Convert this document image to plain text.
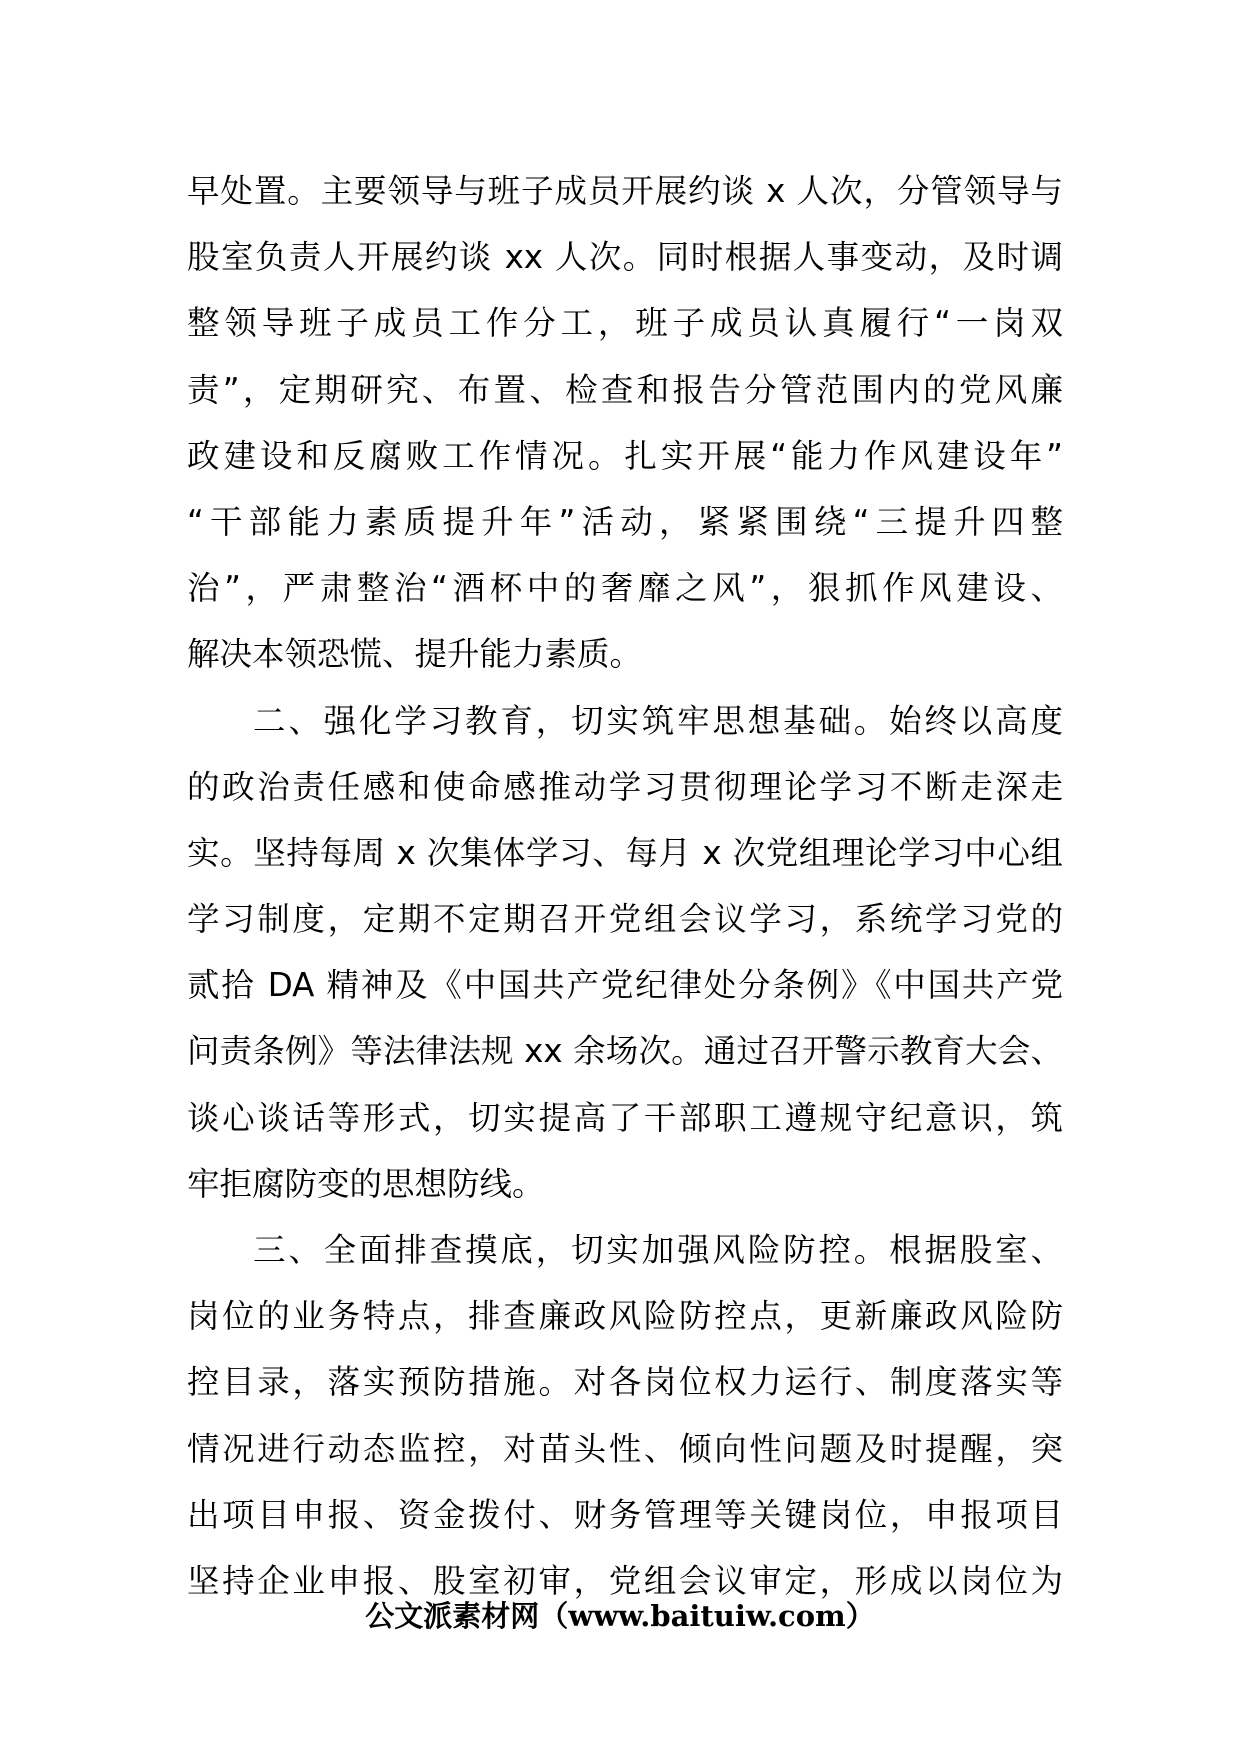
早处置。主要领导与班子成员开展约谈 x 人次，分管领导与
股室负责人开展约谈 xx 人次。同时根据人事变动，及时调
整领导班子成员工作分工，班子成员认真履行“一岗双
责”，定期研究、布置、检查和报告分管范围内的党风廉
政建设和反腐败工作情况。扎实开展“能力作风建设年”
“干部能力素质提升年”活动，紧紧围绕“三提升四整
治”，严肃整治“酒杯中的奢靡之风”，狠抓作风建设、
解决本领恐慌、提升能力素质。
二、强化学习教育，切实筑牢思想基础。始终以高度
的政治责任感和使命感推动学习贯彻理论学习不断走深走
实。坚持每周 x 次集体学习、每月 x 次党组理论学习中心组
学习制度，定期不定期召开党组会议学习，系统学习党的
贰拾 DA 精神及《中国共产党纪律处分条例》《中国共产党
问责条例》等法律法规 xx 余场次。通过召开警示教育大会、
谈心谈话等形式，切实提高了干部职工遵规守纪意识，筑
牢拒腐防变的思想防线。
三、全面排查摸底，切实加强风险防控。根据股室、
岗位的业务特点，排查廉政风险防控点，更新廉政风险防
控目录，落实预防措施。对各岗位权力运行、制度落实等
情况进行动态监控，对苗头性、倾向性问题及时提醒，突
出项目申报、资金拨付、财务管理等关键岗位，申报项目
坚持企业申报、股室初审，党组会议审定，形成以岗位为
公文派素材网（www.baituiw.com）
